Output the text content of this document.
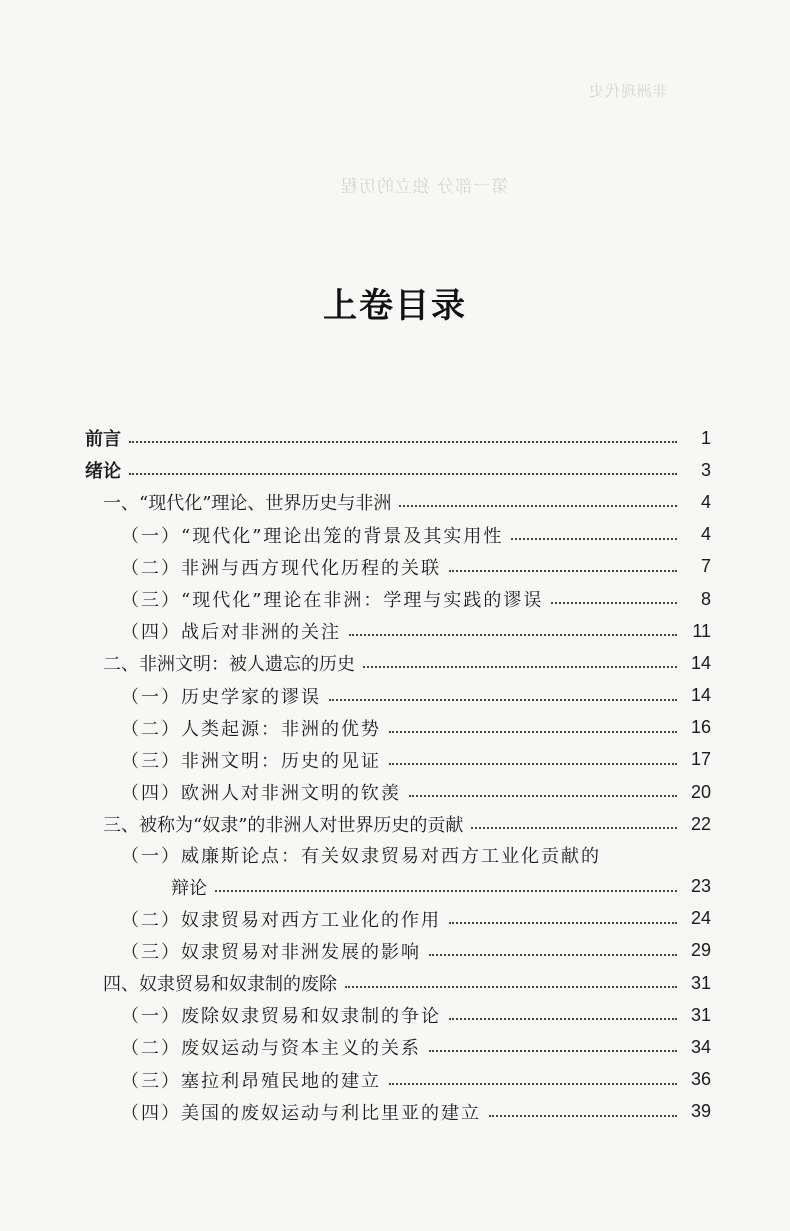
非洲现代史
第一部分 独立的历程
上卷目录
前言	1
绪论	3
一、“现代化”理论、世界历史与非洲	4
（一）“现代化”理论出笼的背景及其实用性	4
（二）非洲与西方现代化历程的关联	7
（三）“现代化”理论在非洲：学理与实践的谬误	8
（四）战后对非洲的关注	11
二、非洲文明：被人遗忘的历史	14
（一）历史学家的谬误	14
（二）人类起源：非洲的优势	16
（三）非洲文明：历史的见证	17
（四）欧洲人对非洲文明的钦羡	20
三、被称为“奴隶”的非洲人对世界历史的贡献	22
（一）威廉斯论点：有关奴隶贸易对西方工业化贡献的
辩论	23
（二）奴隶贸易对西方工业化的作用	24
（三）奴隶贸易对非洲发展的影响	29
四、奴隶贸易和奴隶制的废除	31
（一）废除奴隶贸易和奴隶制的争论	31
（二）废奴运动与资本主义的关系	34
（三）塞拉利昂殖民地的建立	36
（四）美国的废奴运动与利比里亚的建立	39
